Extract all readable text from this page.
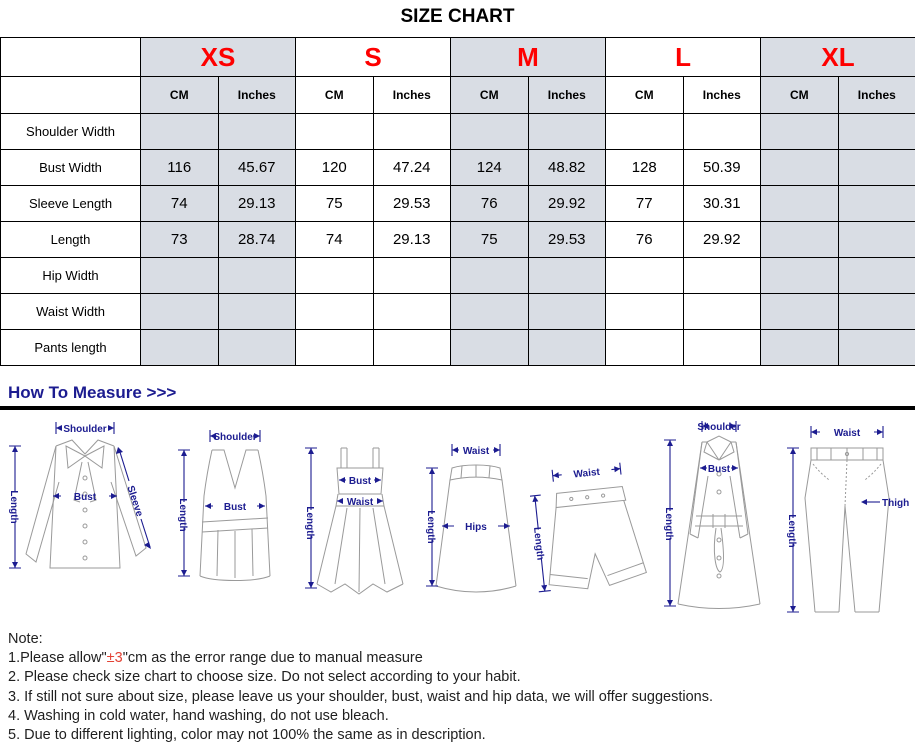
SIZE CHART
	XS		S		M		L		XL	
	CM	Inches	CM	Inches	CM	Inches	CM	Inches	CM	Inches
Shoulder Width										
Bust Width	116	45.67	120	47.24	124	48.82	128	50.39		
Sleeve Length	74	29.13	75	29.53	76	29.92	77	30.31		
Length	73	28.74	74	29.13	75	29.53	76	29.92		
Hip Width										
Waist Width										
Pants length										
How To Measure >>>
Shoulder
Bust
Length	Sleeve
Shoulder
Bust
Length
Bust
Waist
Length
Waist
Hips
Length
Waist
Length
Shoulder
Bust
Length
Waist
Thigh
Length
Note:
1.Please allow"±3"cm as the error range due to manual measure
2. Please check size chart to choose size. Do not select according to your habit.
3. If still not sure about size, please leave us your shoulder, bust, waist and hip data, we will offer suggestions.
4. Washing in cold water, hand washing, do not use bleach.
5. Due to different lighting, color may not 100% the same as in description.
